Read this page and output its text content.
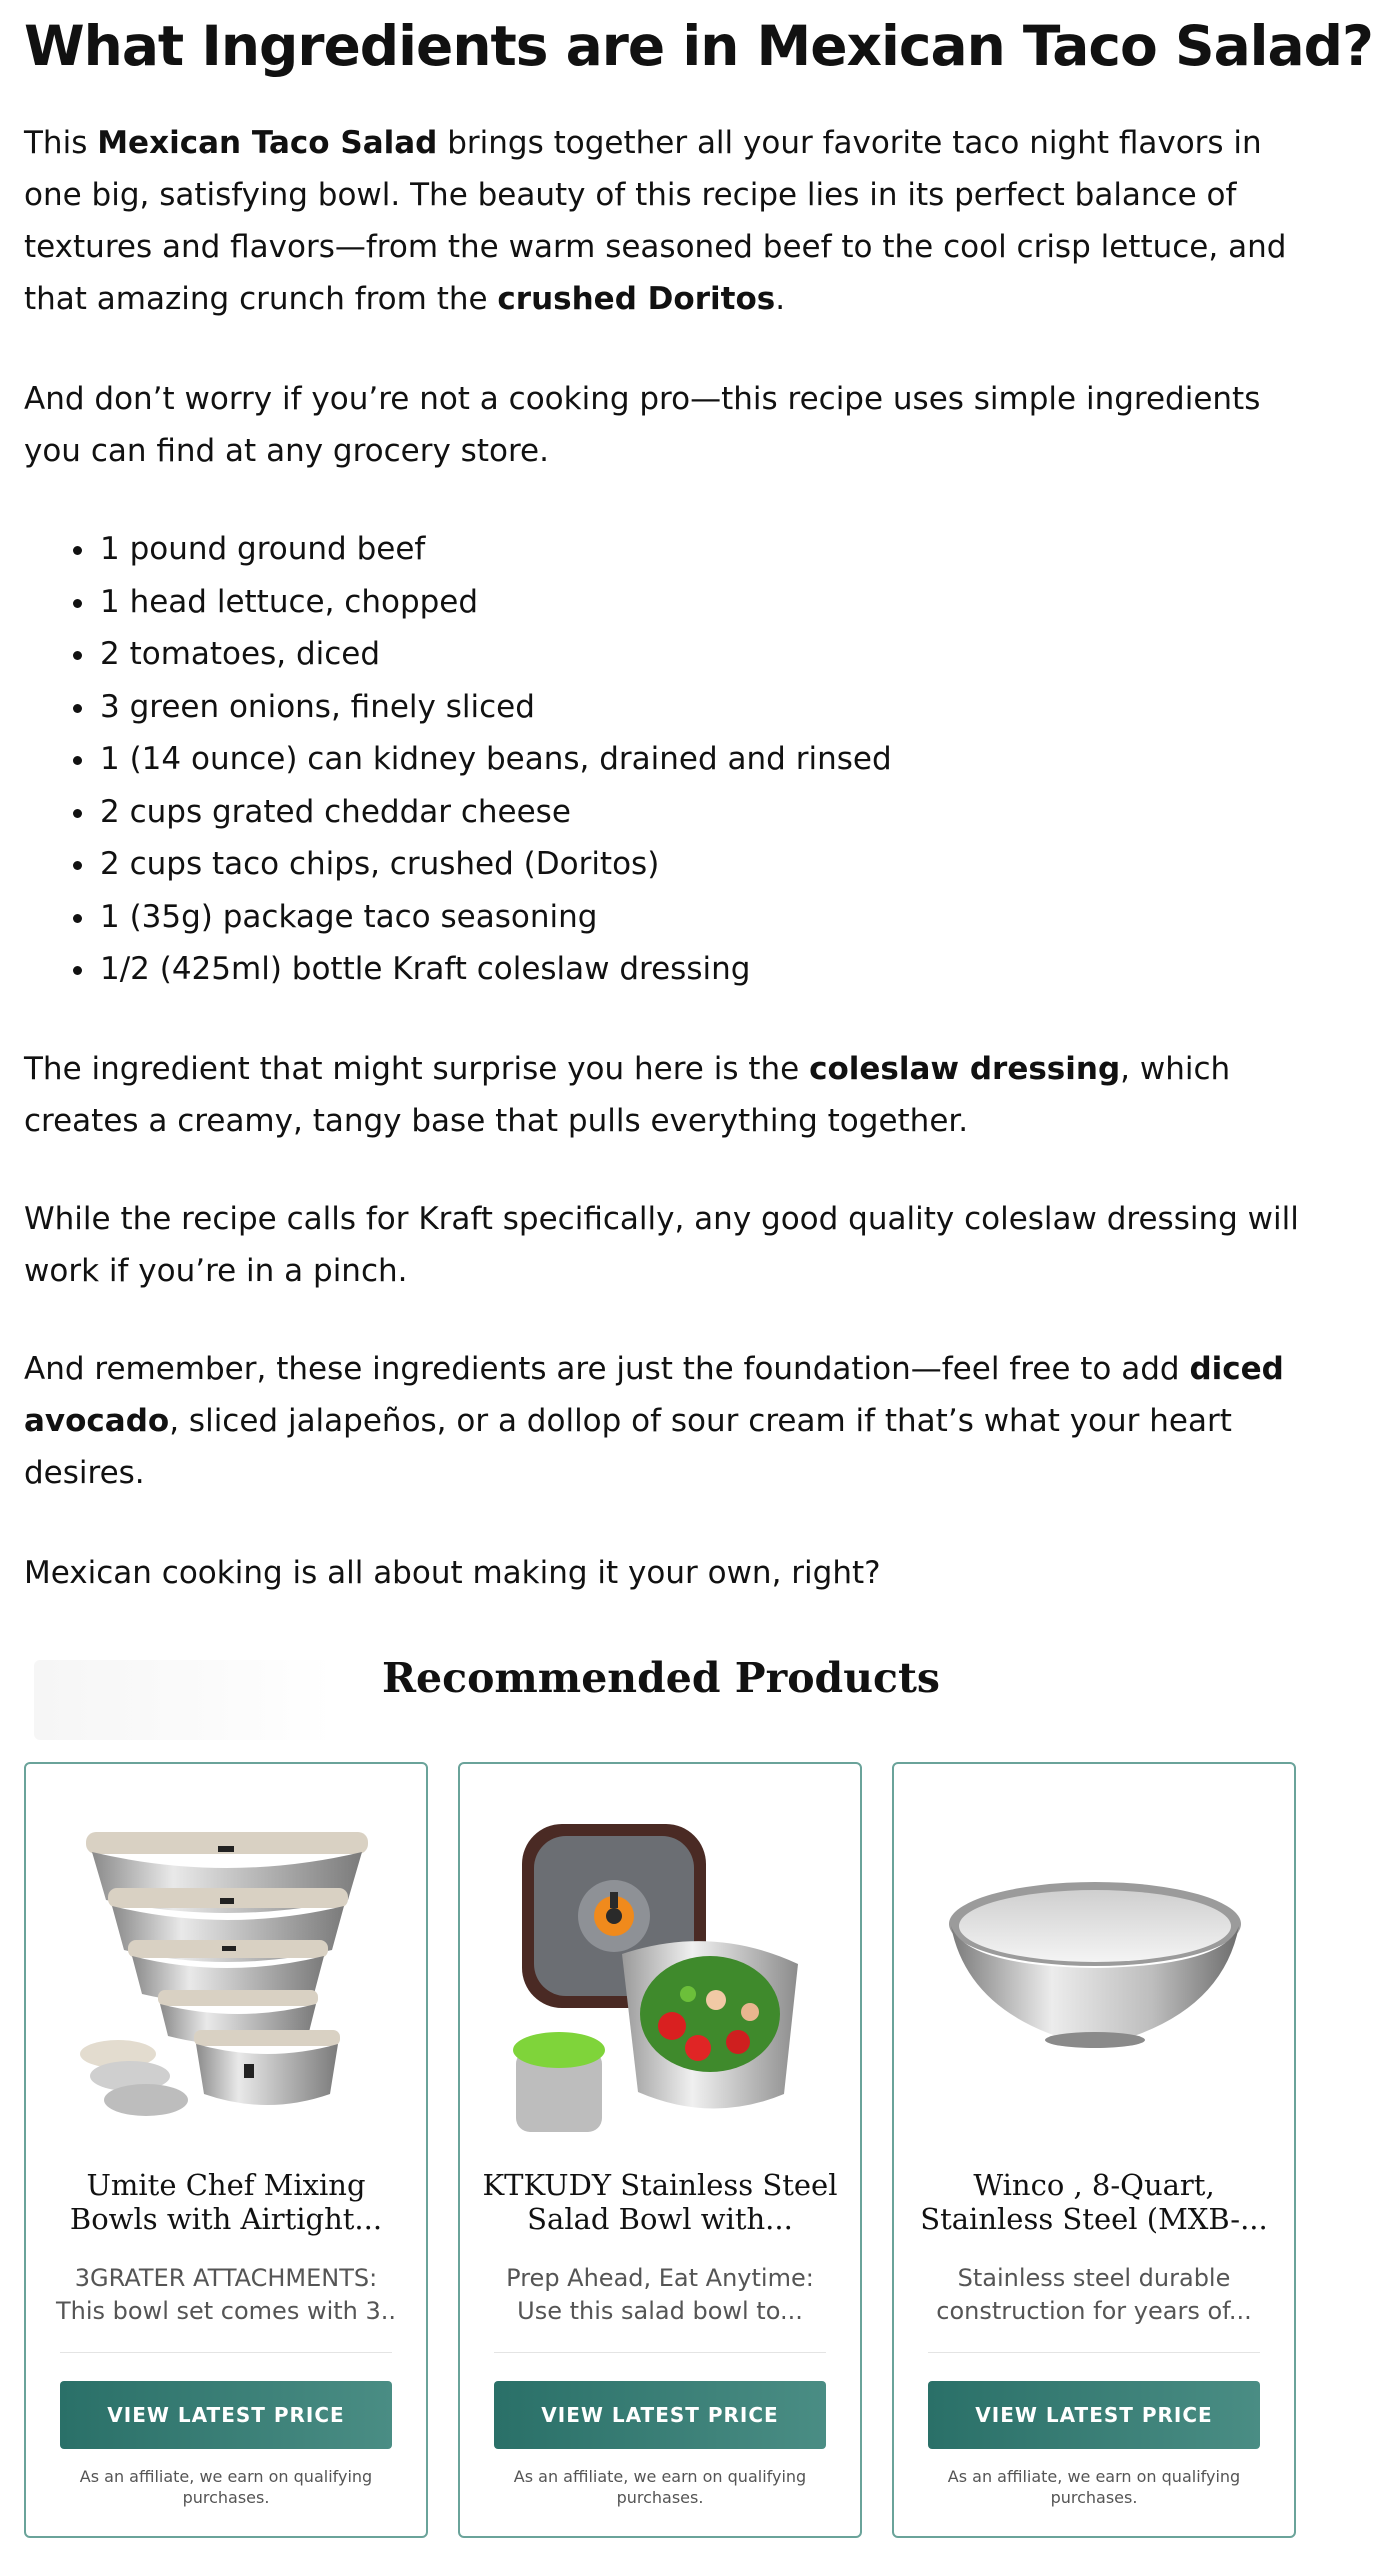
What Ingredients are in Mexican Taco Salad?

This Mexican Taco Salad brings together all your favorite taco night flavors in one big, satisfying bowl. The beauty of this recipe lies in its perfect balance of textures and flavors—from the warm seasoned beef to the cool crisp lettuce, and that amazing crunch from the crushed Doritos.

And don’t worry if you’re not a cooking pro—this recipe uses simple ingredients you can find at any grocery store.

• 1 pound ground beef
• 1 head lettuce, chopped
• 2 tomatoes, diced
• 3 green onions, finely sliced
• 1 (14 ounce) can kidney beans, drained and rinsed
• 2 cups grated cheddar cheese
• 2 cups taco chips, crushed (Doritos)
• 1 (35g) package taco seasoning
• 1/2 (425ml) bottle Kraft coleslaw dressing

The ingredient that might surprise you here is the coleslaw dressing, which creates a creamy, tangy base that pulls everything together.

While the recipe calls for Kraft specifically, any good quality coleslaw dressing will work if you’re in a pinch.

And remember, these ingredients are just the foundation—feel free to add diced avocado, sliced jalapeños, or a dollop of sour cream if that’s what your heart desires.

Mexican cooking is all about making it your own, right?

Recommended Products
Umite Chef Mixing Bowls with Airtight...
3GRATER ATTACHMENTS: This bowl set comes with 3..
VIEW LATEST PRICE
As an affiliate, we earn on qualifying purchases.
KTKUDY Stainless Steel Salad Bowl with...
Prep Ahead, Eat Anytime: Use this salad bowl to...
VIEW LATEST PRICE
As an affiliate, we earn on qualifying purchases.
Winco , 8-Quart, Stainless Steel (MXB-...
Stainless steel durable construction for years of...
VIEW LATEST PRICE
As an affiliate, we earn on qualifying purchases.
